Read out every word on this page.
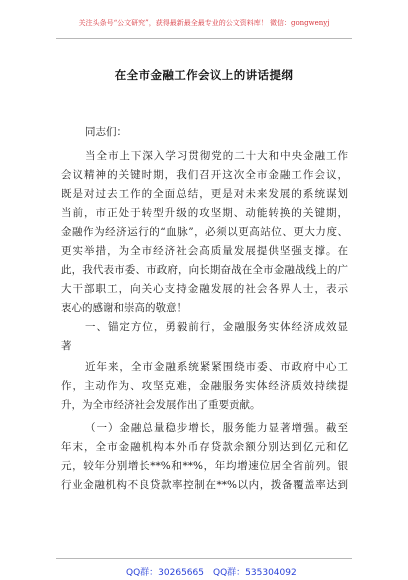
关注头条号“公文研究”，获得最新最全最专业的公文资料库！ 微信：gongwenyj
在全市金融工作会议上的讲话提纲
同志们：
当全市上下深入学习贯彻党的二十大和中央金融工作
会议精神的关键时期，我们召开这次全市金融工作会议，
既是对过去工作的全面总结，更是对未来发展的系统谋划
当前，市正处于转型升级的攻坚期、动能转换的关键期，
金融作为经济运行的“血脉”，必须以更高站位、更大力度、
更实举措，为全市经济社会高质量发展提供坚强支撑。在
此，我代表市委、市政府，向长期奋战在全市金融战线上的广
大干部职工，向关心支持金融发展的社会各界人士，表示
衷心的感谢和崇高的敬意！
一、锚定方位，勇毅前行，金融服务实体经济成效显
著
近年来，全市金融系统紧紧围绕市委、市政府中心工
作，主动作为、攻坚克难，金融服务实体经济质效持续提
升，为全市经济社会发展作出了重要贡献。
（一）金融总量稳步增长，服务能力显著增强。截至
年末，全市金融机构本外币存贷款余额分别达到亿元和亿
元，较年分别增长**%和**%，年均增速位居全省前列。银
行业金融机构不良贷款率控制在**%以内，拨备覆盖率达到
QQ群：30265665 QQ群：535304092
